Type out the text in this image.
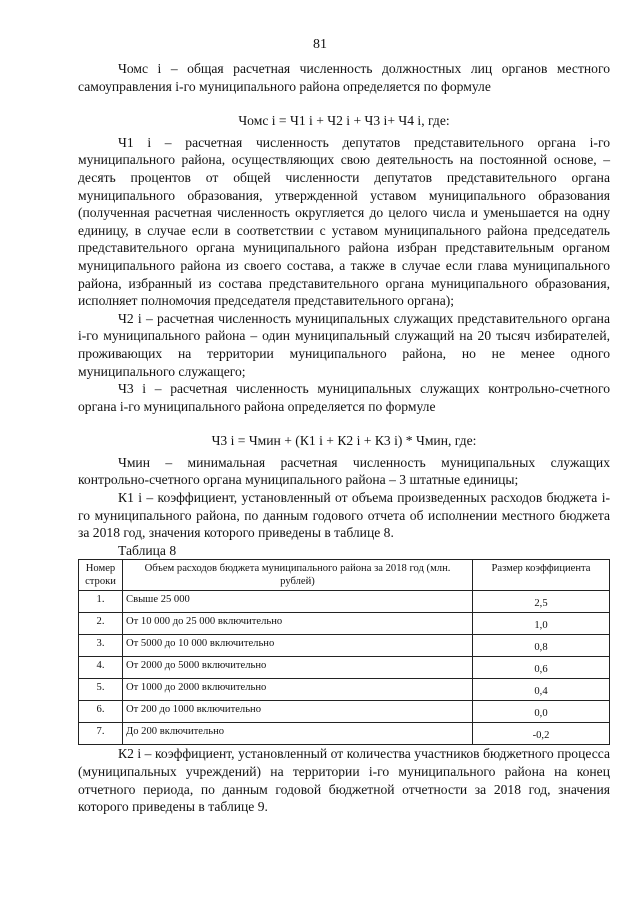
81

Чомс i – общая расчетная численность должностных лиц органов местного самоуправления i-го муниципального района определяется по формуле

Чомс i = Ч1 i + Ч2 i + Ч3 i+ Ч4 i, где:

Ч1 i – расчетная численность депутатов представительного органа i-го муниципального района, осуществляющих свою деятельность на постоянной основе, – десять процентов от общей численности депутатов представительного органа муниципального образования, утвержденной уставом муниципального образования (полученная расчетная численность округляется до целого числа и уменьшается на одну единицу, в случае если в соответствии с уставом муниципального района председатель представительного органа муниципального района избран представительным органом муниципального района из своего состава, а также в случае если глава муниципального района, избранный из состава представительного органа муниципального образования, исполняет полномочия председателя представительного органа);

Ч2 i – расчетная численность муниципальных служащих представительного органа i-го муниципального района – один муниципальный служащий на 20 тысяч избирателей, проживающих на территории муниципального района, но не менее одного муниципального служащего;

Ч3 i – расчетная численность муниципальных служащих контрольно-счетного органа i-го муниципального района определяется по формуле

Ч3 i = Чмин + (К1 i + К2 i + К3 i) * Чмин, где:

Чмин – минимальная расчетная численность муниципальных служащих контрольно-счетного органа муниципального района – 3 штатные единицы;

К1 i – коэффициент, установленный от объема произведенных расходов бюджета i-го муниципального района, по данным годового отчета об исполнении местного бюджета за 2018 год, значения которого приведены в таблице 8.

Таблица 8

Номер строки	Объем расходов бюджета муниципального района за 2018 год (млн. рублей)	Размер коэффициента
1.	Свыше 25 000	2,5
2.	От 10 000 до 25 000 включительно	1,0
3.	От 5000 до 10 000 включительно	0,8
4.	От 2000 до 5000 включительно	0,6
5.	От 1000 до 2000 включительно	0,4
6.	От 200 до 1000 включительно	0,0
7.	До 200 включительно	-0,2

К2 i – коэффициент, установленный от количества участников бюджетного процесса (муниципальных учреждений) на территории i-го муниципального района на конец отчетного периода, по данным годовой бюджетной отчетности за 2018 год, значения которого приведены в таблице 9.
